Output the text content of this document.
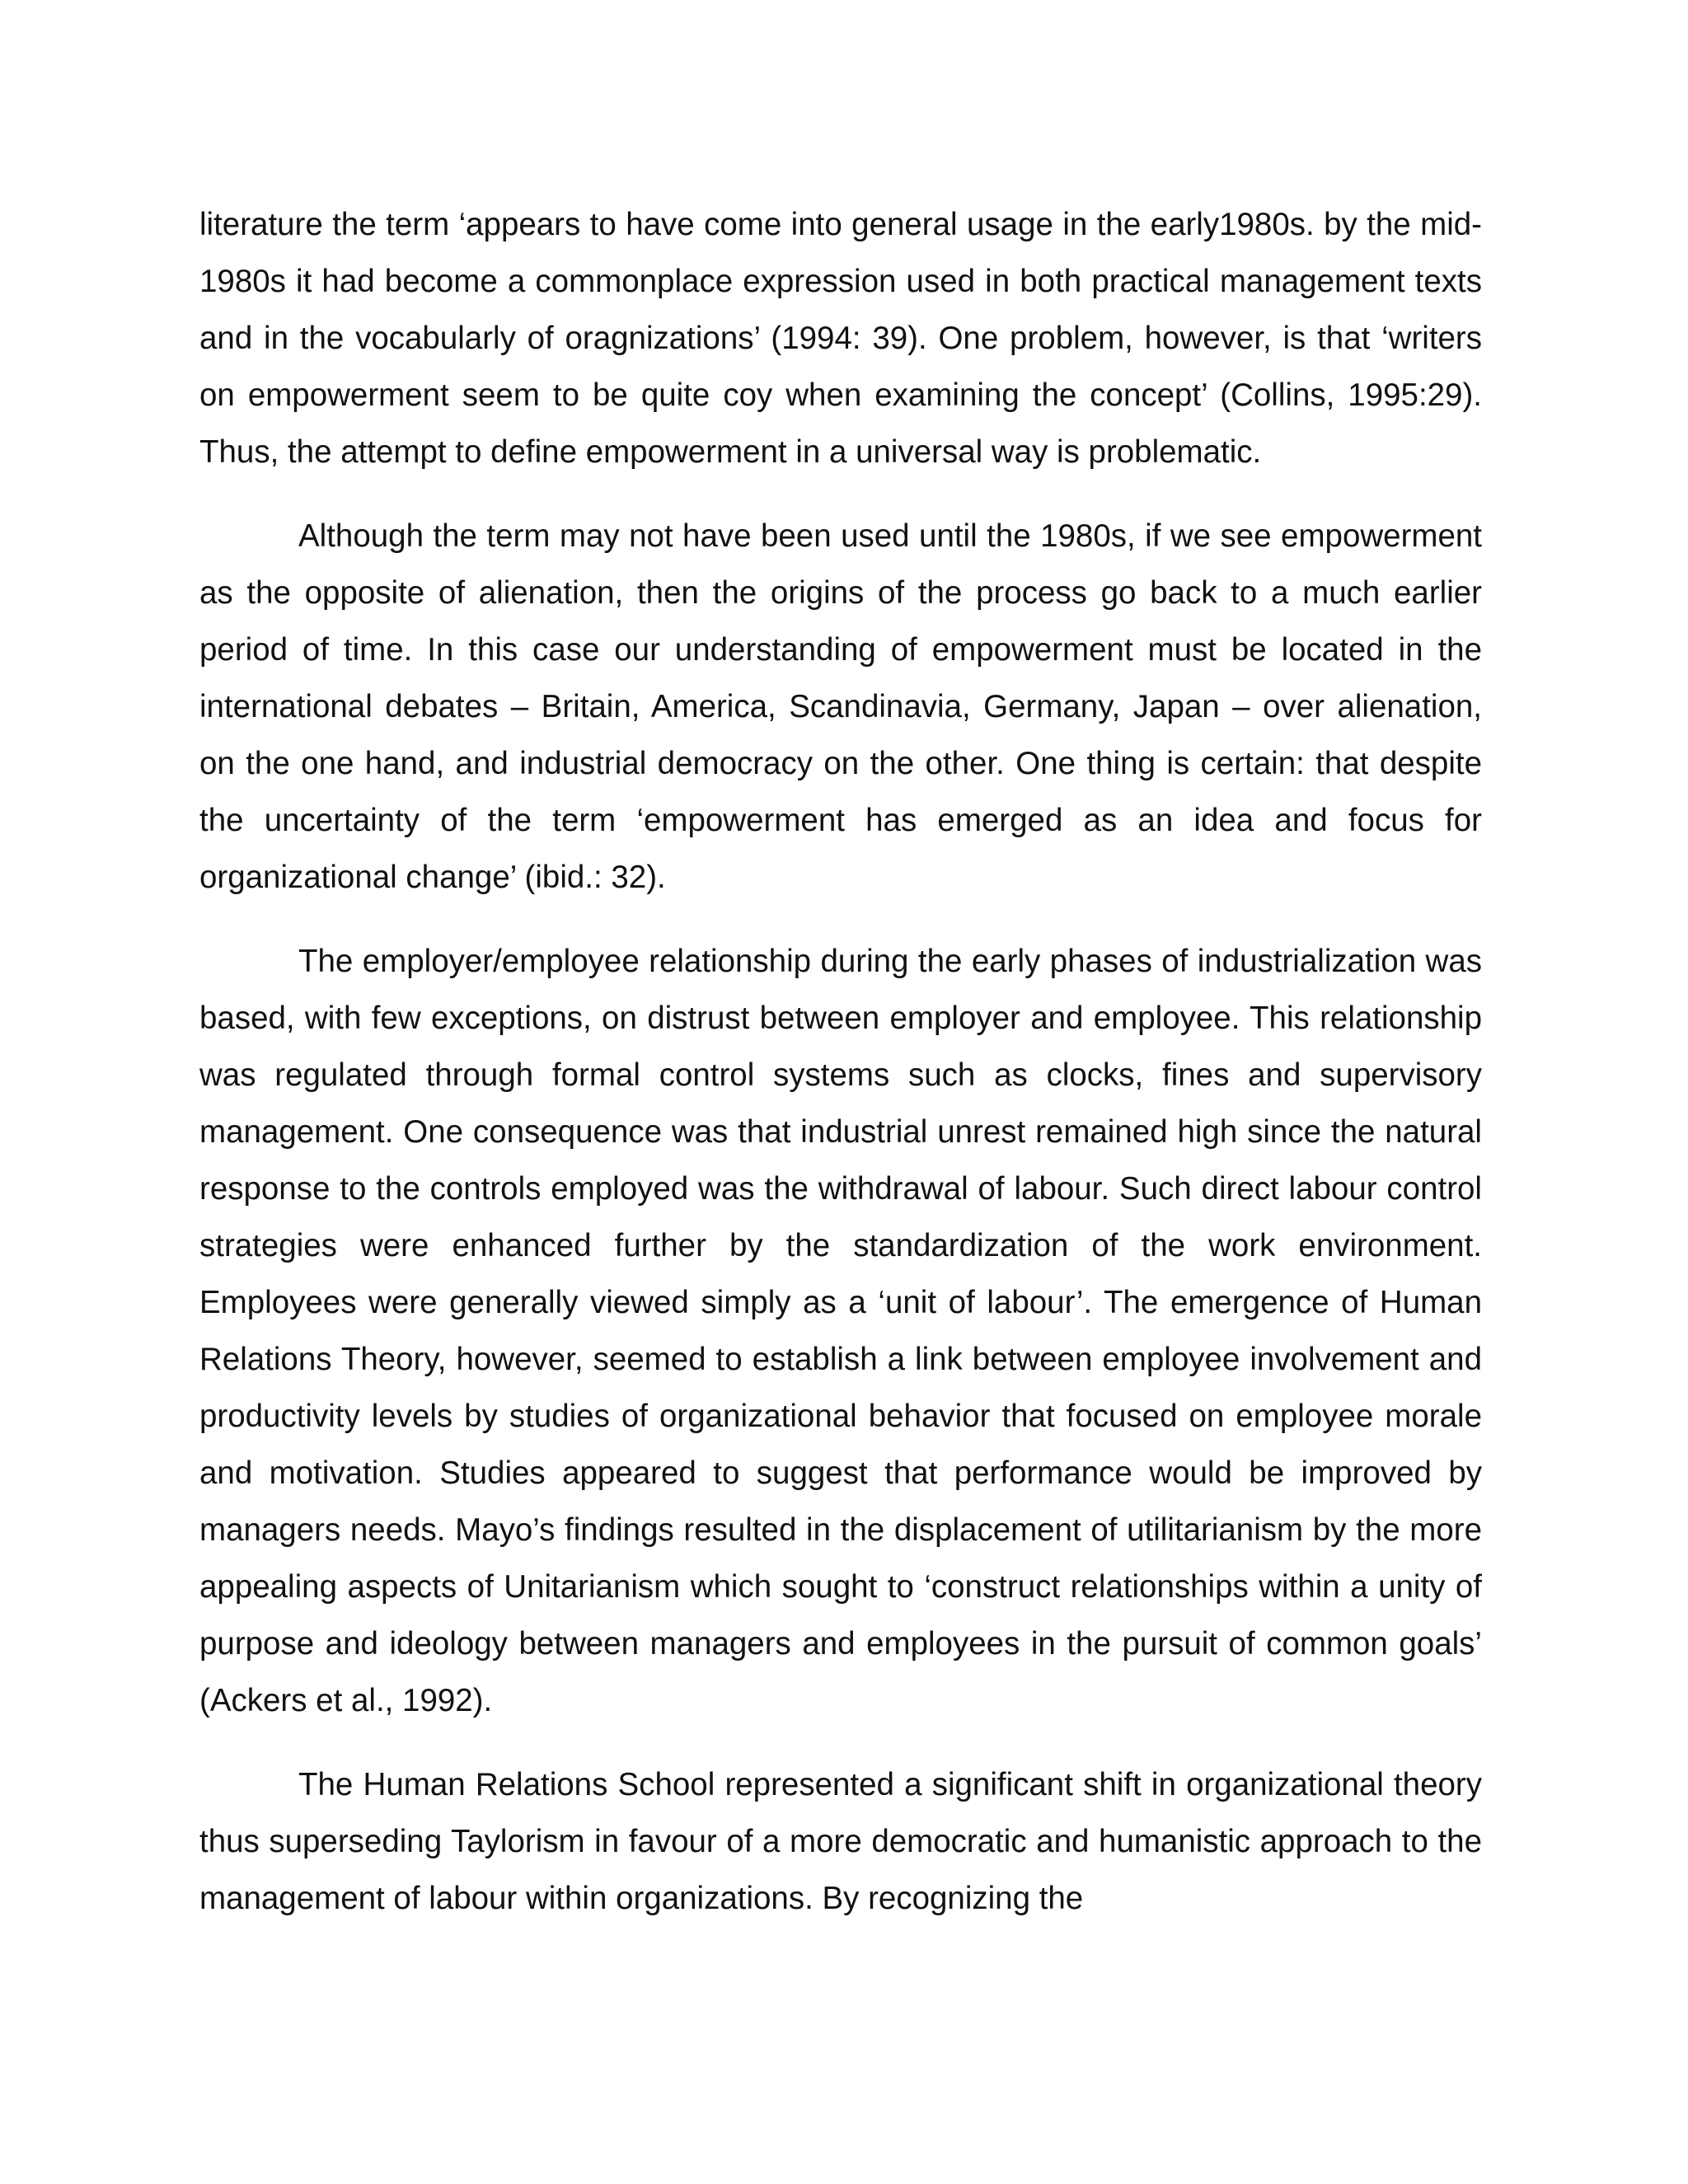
literature the term ‘appears to have come into general usage in the early1980s. by the mid-1980s it had become a commonplace expression used in both practical management texts and in the vocabularly of oragnizations’ (1994: 39). One problem, however, is that ‘writers on empowerment seem to be quite coy when examining the concept’ (Collins, 1995:29). Thus, the attempt to define empowerment in a universal way is problematic.

Although the term may not have been used until the 1980s, if we see empowerment as the opposite of alienation, then the origins of the process go back to a much earlier period of time. In this case our understanding of empowerment must be located in the international debates – Britain, America, Scandinavia, Germany, Japan – over alienation, on the one hand, and industrial democracy on the other. One thing is certain: that despite the uncertainty of the term ‘empowerment has emerged as an idea and focus for organizational change’ (ibid.: 32).

The employer/employee relationship during the early phases of industrialization was based, with few exceptions, on distrust between employer and employee. This relationship was regulated through formal control systems such as clocks, fines and supervisory management. One consequence was that industrial unrest remained high since the natural response to the controls employed was the withdrawal of labour. Such direct labour control strategies were enhanced further by the standardization of the work environment. Employees were generally viewed simply as a ‘unit of labour’. The emergence of Human Relations Theory, however, seemed to establish a link between employee involvement and productivity levels by studies of organizational behavior that focused on employee morale and motivation. Studies appeared to suggest that performance would be improved by managers needs. Mayo’s findings resulted in the displacement of utilitarianism by the more appealing aspects of Unitarianism which sought to ‘construct relationships within a unity of purpose and ideology between managers and employees in the pursuit of common goals’ (Ackers et al., 1992).

The Human Relations School represented a significant shift in organizational theory thus superseding Taylorism in favour of a more democratic and humanistic approach to the management of labour within organizations. By recognizing the
